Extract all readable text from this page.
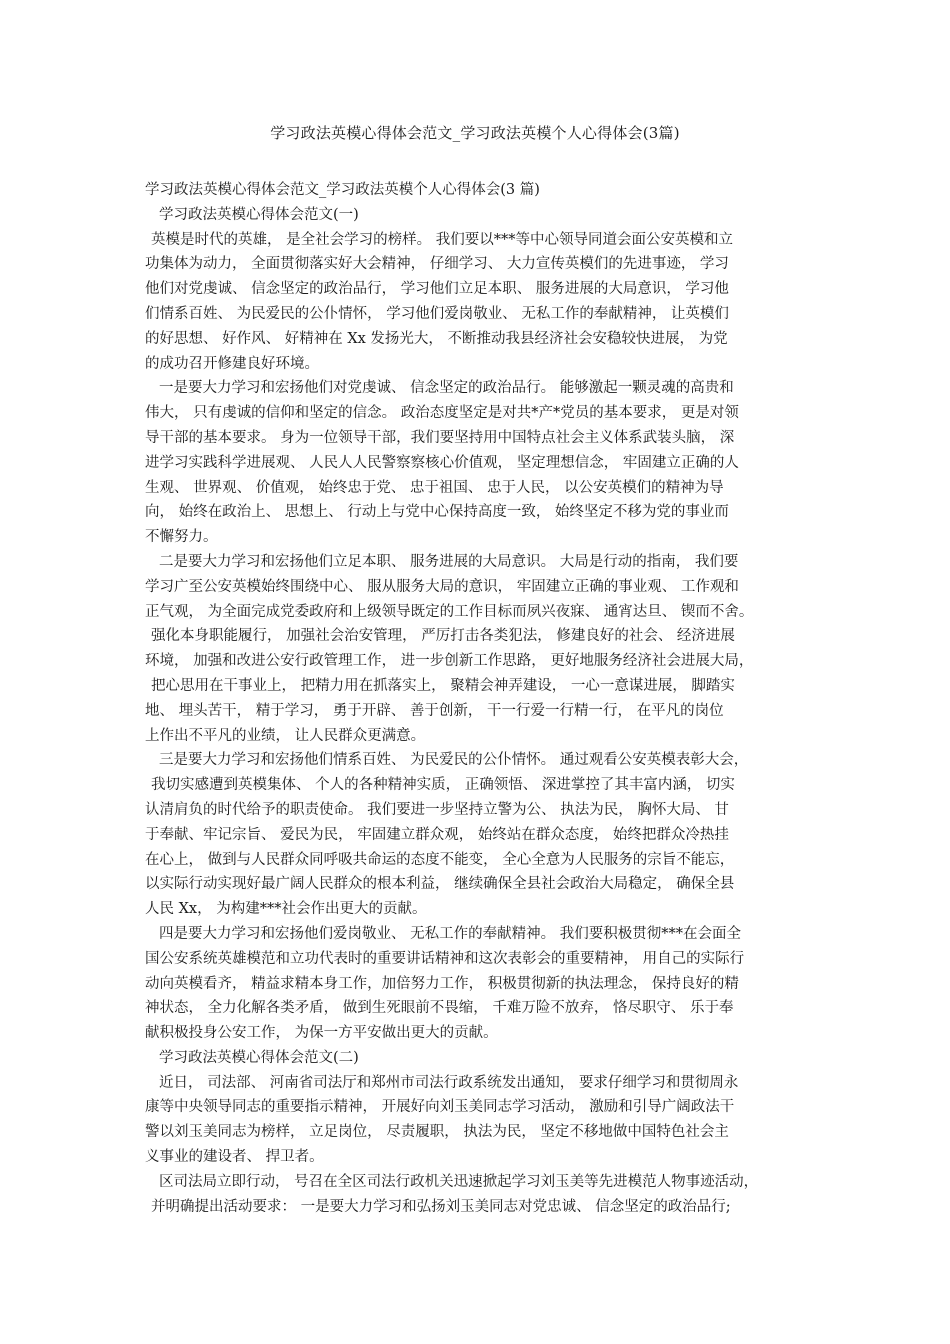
学习政法英模心得体会范文_学习政法英模个人心得体会(3篇)
学习政法英模心得体会范文_学习政法英模个人心得体会(3 篇)
学习政法英模心得体会范文(一)
英模是时代的英雄， 是全社会学习的榜样。 我们要以***等中心领导同道会面公安英模和立
功集体为动力， 全面贯彻落实好大会精神， 仔细学习、 大力宣传英模们的先进事迹， 学习
他们对党虔诚、 信念坚定的政治品行， 学习他们立足本职、 服务进展的大局意识， 学习他
们情系百姓、 为民爱民的公仆情怀， 学习他们爱岗敬业、 无私工作的奉献精神， 让英模们
的好思想、 好作风、 好精神在 Xx 发扬光大， 不断推动我县经济社会安稳较快进展， 为党
的成功召开修建良好环境。
一是要大力学习和宏扬他们对党虔诚、 信念坚定的政治品行。 能够激起一颗灵魂的高贵和
伟大， 只有虔诚的信仰和坚定的信念。 政治态度坚定是对共*产*党员的基本要求， 更是对领
导干部的基本要求。 身为一位领导干部，我们要坚持用中国特点社会主义体系武装头脑， 深
进学习实践科学进展观、 人民人人民警察察核心价值观， 坚定理想信念， 牢固建立正确的人
生观、 世界观、 价值观， 始终忠于党、 忠于祖国、 忠于人民， 以公安英模们的精神为导
向， 始终在政治上、 思想上、 行动上与党中心保持高度一致， 始终坚定不移为党的事业而
不懈努力。
二是要大力学习和宏扬他们立足本职、 服务进展的大局意识。 大局是行动的指南， 我们要
学习广至公安英模始终围绕中心、 服从服务大局的意识， 牢固建立正确的事业观、 工作观和
正气观， 为全面完成党委政府和上级领导既定的工作目标而夙兴夜寐、 通宵达旦、 锲而不舍。
强化本身职能履行， 加强社会治安管理， 严厉打击各类犯法， 修建良好的社会、 经济进展
环境， 加强和改进公安行政管理工作， 进一步创新工作思路， 更好地服务经济社会进展大局，
把心思用在干事业上， 把精力用在抓落实上， 聚精会神弄建设， 一心一意谋进展， 脚踏实
地、 埋头苦干， 精于学习， 勇于开辟、 善于创新， 干一行爱一行精一行， 在平凡的岗位
上作出不平凡的业绩， 让人民群众更满意。
三是要大力学习和宏扬他们情系百姓、 为民爱民的公仆情怀。 通过观看公安英模表彰大会，
我切实感遭到英模集体、 个人的各种精神实质， 正确领悟、 深进掌控了其丰富内涵， 切实
认清肩负的时代给予的职责使命。 我们要进一步坚持立警为公、 执法为民， 胸怀大局、 甘
于奉献、牢记宗旨、 爱民为民， 牢固建立群众观， 始终站在群众态度， 始终把群众冷热挂
在心上， 做到与人民群众同呼吸共命运的态度不能变， 全心全意为人民服务的宗旨不能忘，
以实际行动实现好最广阔人民群众的根本利益， 继续确保全县社会政治大局稳定， 确保全县
人民 Xx， 为构建***社会作出更大的贡献。
四是要大力学习和宏扬他们爱岗敬业、 无私工作的奉献精神。 我们要积极贯彻***在会面全
国公安系统英雄模范和立功代表时的重要讲话精神和这次表彰会的重要精神， 用自己的实际行
动向英模看齐， 精益求精本身工作，加倍努力工作， 积极贯彻新的执法理念， 保持良好的精
神状态， 全力化解各类矛盾， 做到生死眼前不畏缩， 千难万险不放弃， 恪尽职守、 乐于奉
献积极投身公安工作， 为保一方平安做出更大的贡献。
学习政法英模心得体会范文(二)
近日， 司法部、 河南省司法厅和郑州市司法行政系统发出通知， 要求仔细学习和贯彻周永
康等中央领导同志的重要指示精神， 开展好向刘玉美同志学习活动， 激励和引导广阔政法干
警以刘玉美同志为榜样， 立足岗位， 尽责履职， 执法为民， 坚定不移地做中国特色社会主
义事业的建设者、 捍卫者。
区司法局立即行动， 号召在全区司法行政机关迅速掀起学习刘玉美等先进模范人物事迹活动，
并明确提出活动要求： 一是要大力学习和弘扬刘玉美同志对党忠诚、 信念坚定的政治品行;
